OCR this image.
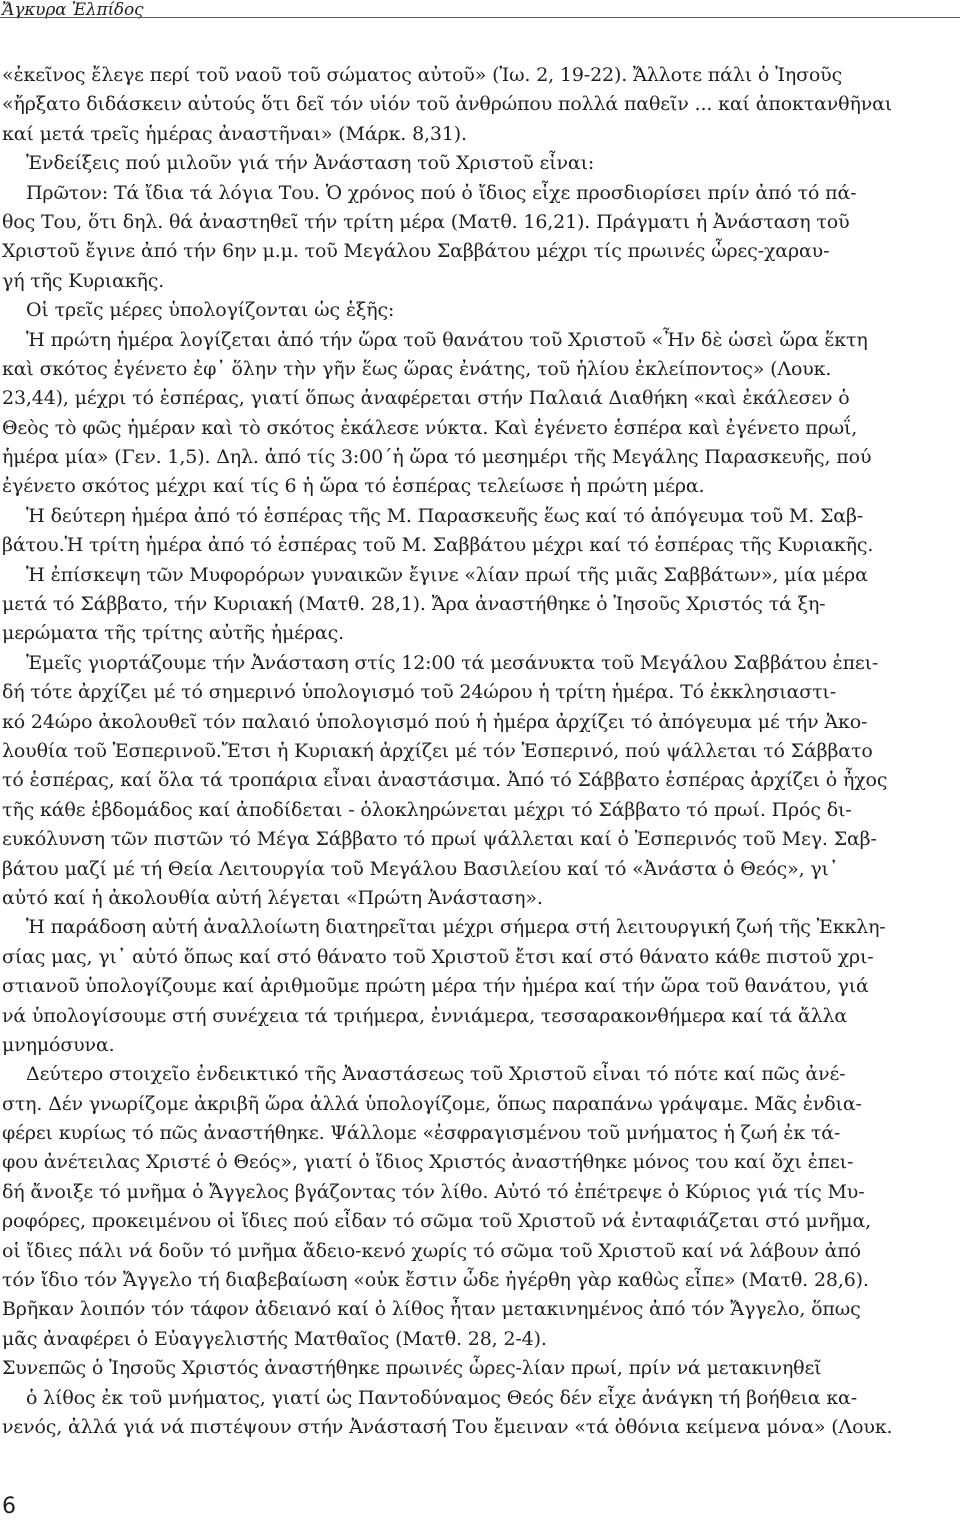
Ἄγκυρα Ἐλπίδος
«ἐκεῖνος ἔλεγε περί τοῦ ναοῦ τοῦ σώματος αὐτοῦ» (Ἰω. 2, 19-22). Ἄλλοτε πάλι ὁ Ἰησοῦς
«ἤρξατο διδάσκειν αὐτούς ὅτι δεῖ τόν υἱόν τοῦ ἀνθρώπου πολλά παθεῖν ... καί ἀποκτανθῆναι
καί μετά τρεῖς ἡμέρας ἀναστῆναι» (Μάρκ. 8,31).
Ἐνδείξεις πού μιλοῦν γιά τήν Ἀνάσταση τοῦ Χριστοῦ εἶναι:
Πρῶτον: Τά ἴδια τά λόγια Του. Ὁ χρόνος πού ὁ ἴδιος εἶχε προσδιορίσει πρίν ἀπό τό πά-
θος Του, ὅτι δηλ. θά ἀναστηθεῖ τήν τρίτη μέρα (Ματθ. 16,21). Πράγματι ἡ Ἀνάσταση τοῦ
Χριστοῦ ἔγινε ἀπό τήν 6ην μ.μ. τοῦ Μεγάλου Σαββάτου μέχρι τίς πρωινές ὧρες-χαραυ-
γή τῆς Κυριακῆς.
Οἱ τρεῖς μέρες ὑπολογίζονται ὡς ἑξῆς:
Ἡ πρώτη ἡμέρα λογίζεται ἀπό τήν ὥρα τοῦ θανάτου τοῦ Χριστοῦ «Ἦν δὲ ὡσεὶ ὥρα ἕκτη
καὶ σκότος ἐγένετο ἐφ᾿ ὅλην τὴν γῆν ἕως ὥρας ἐνάτης, τοῦ ἡλίου ἐκλείποντος» (Λουκ.
23,44), μέχρι τό ἑσπέρας, γιατί ὅπως ἀναφέρεται στήν Παλαιά Διαθήκη «καὶ ἐκάλεσεν ὁ
Θεὸς τὸ φῶς ἡμέραν καὶ τὸ σκότος ἐκάλεσε νύκτα. Καὶ ἐγένετο ἑσπέρα καὶ ἐγένετο πρωΐ,
ἡμέρα μία» (Γεν. 1,5). Δηλ. ἀπό τίς 3:00΄ἡ ὥρα τό μεσημέρι τῆς Μεγάλης Παρασκευῆς, πού
ἐγένετο σκότος μέχρι καί τίς 6 ἡ ὥρα τό ἑσπέρας τελείωσε ἡ πρώτη μέρα.
Ἡ δεύτερη ἡμέρα ἀπό τό ἑσπέρας τῆς Μ. Παρασκευῆς ἕως καί τό ἀπόγευμα τοῦ Μ. Σαβ-
βάτου.Ἡ τρίτη ἡμέρα ἀπό τό ἑσπέρας τοῦ Μ. Σαββάτου μέχρι καί τό ἑσπέρας τῆς Κυριακῆς.
Ἡ ἐπίσκεψη τῶν Μυφορόρων γυναικῶν ἔγινε «λίαν πρωί τῆς μιᾶς Σαββάτων», μία μέρα
μετά τό Σάββατο, τήν Κυριακή (Ματθ. 28,1). Ἄρα ἀναστήθηκε ὁ Ἰησοῦς Χριστός τά ξη-
μερώματα τῆς τρίτης αὐτῆς ἡμέρας.
Ἐμεῖς γιορτάζουμε τήν Ἀνάσταση στίς 12:00 τά μεσάνυκτα τοῦ Μεγάλου Σαββάτου ἐπει-
δή τότε ἀρχίζει μέ τό σημερινό ὑπολογισμό τοῦ 24ώρου ἡ τρίτη ἡμέρα. Τό ἐκκλησιαστι-
κό 24ώρο ἀκολουθεῖ τόν παλαιό ὑπολογισμό πού ἡ ἡμέρα ἀρχίζει τό ἀπόγευμα μέ τήν Ἀκο-
λουθία τοῦ Ἑσπερινοῦ.Ἔτσι ἡ Κυριακή ἀρχίζει μέ τόν Ἑσπερινό, πού ψάλλεται τό Σάββατο
τό ἑσπέρας, καί ὅλα τά τροπάρια εἶναι ἀναστάσιμα. Ἀπό τό Σάββατο ἑσπέρας ἀρχίζει ὁ ἦχος
τῆς κάθε ἑβδομάδος καί ἀποδίδεται - ὁλοκληρώνεται μέχρι τό Σάββατο τό πρωί. Πρός δι-
ευκόλυνση τῶν πιστῶν τό Μέγα Σάββατο τό πρωί ψάλλεται καί ὁ Ἑσπερινός τοῦ Μεγ. Σαβ-
βάτου μαζί μέ τή Θεία Λειτουργία τοῦ Μεγάλου Βασιλείου καί τό «Ἀνάστα ὁ Θεός», γι᾿
αὐτό καί ἡ ἀκολουθία αὐτή λέγεται «Πρώτη Ἀνάσταση».
Ἡ παράδοση αὐτή ἀναλλοίωτη διατηρεῖται μέχρι σήμερα στή λειτουργική ζωή τῆς Ἐκκλη-
σίας μας, γι᾿ αὐτό ὅπως καί στό θάνατο τοῦ Χριστοῦ ἔτσι καί στό θάνατο κάθε πιστοῦ χρι-
στιανοῦ ὑπολογίζουμε καί ἀριθμοῦμε πρώτη μέρα τήν ἡμέρα καί τήν ὥρα τοῦ θανάτου, γιά
νά ὑπολογίσουμε στή συνέχεια τά τριήμερα, ἐννιάμερα, τεσσαρακονθήμερα καί τά ἄλλα
μνημόσυνα.
Δεύτερο στοιχεῖο ἐνδεικτικό τῆς Ἀναστάσεως τοῦ Χριστοῦ εἶναι τό πότε καί πῶς ἀνέ-
στη. Δέν γνωρίζομε ἀκριβῆ ὥρα ἀλλά ὑπολογίζομε, ὅπως παραπάνω γράψαμε. Μᾶς ἐνδια-
φέρει κυρίως τό πῶς ἀναστήθηκε. Ψάλλομε «ἐσφραγισμένου τοῦ μνήματος ἡ ζωή ἐκ τά-
φου ἀνέτειλας Χριστέ ὁ Θεός», γιατί ὁ ἴδιος Χριστός ἀναστήθηκε μόνος του καί ὄχι ἐπει-
δή ἄνοιξε τό μνῆμα ὁ Ἄγγελος βγάζοντας τόν λίθο. Αὐτό τό ἐπέτρεψε ὁ Κύριος γιά τίς Μυ-
ροφόρες, προκειμένου οἱ ἴδιες πού εἶδαν τό σῶμα τοῦ Χριστοῦ νά ἐνταφιάζεται στό μνῆμα,
οἱ ἴδιες πάλι νά δοῦν τό μνῆμα ἄδειο-κενό χωρίς τό σῶμα τοῦ Χριστοῦ καί νά λάβουν ἀπό
τόν ἴδιο τόν Ἄγγελο τή διαβεβαίωση «οὐκ ἔστιν ὧδε ἠγέρθη γὰρ καθὼς εἶπε» (Ματθ. 28,6).
Βρῆκαν λοιπόν τόν τάφον ἀδειανό καί ὁ λίθος ἦταν μετακινημένος ἀπό τόν Ἄγγελο, ὅπως
μᾶς ἀναφέρει ὁ Εὐαγγελιστής Ματθαῖος (Ματθ. 28, 2-4).
Συνεπῶς ὁ Ἰησοῦς Χριστός ἀναστήθηκε πρωινές ὧρες-λίαν πρωί, πρίν νά μετακινηθεῖ
ὁ λίθος ἐκ τοῦ μνήματος, γιατί ὡς Παντοδύναμος Θεός δέν εἶχε ἀνάγκη τή βοήθεια κα-
νενός, ἀλλά γιά νά πιστέψουν στήν Ἀνάστασή Του ἔμειναν «τά ὀθόνια κείμενα μόνα» (Λουκ.
6
